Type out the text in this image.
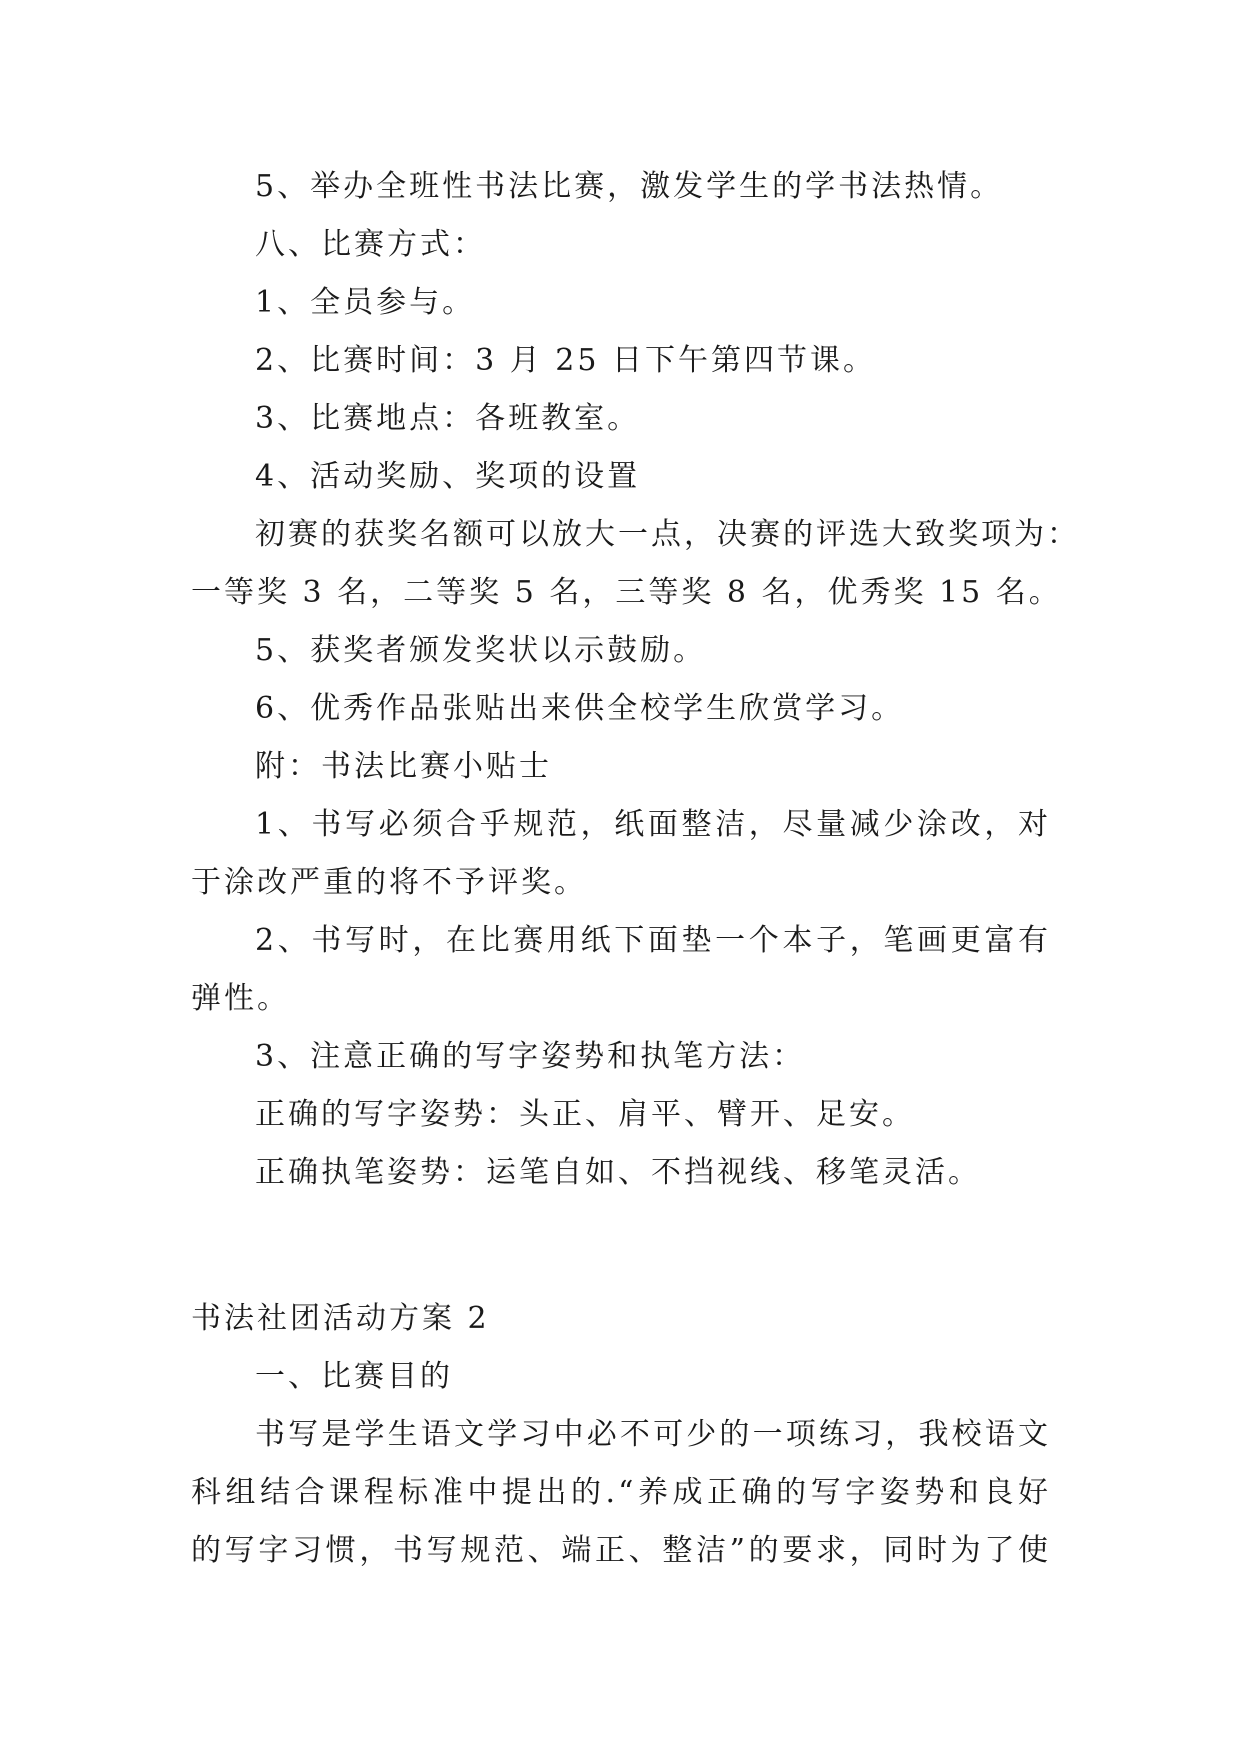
5、举办全班性书法比赛，激发学生的学书法热情。
八、比赛方式：
1、全员参与。
2、比赛时间：3 月 25 日下午第四节课。
3、比赛地点：各班教室。
4、活动奖励、奖项的设置
初赛的获奖名额可以放大一点，决赛的评选大致奖项为：
一等奖 3 名，二等奖 5 名，三等奖 8 名，优秀奖 15 名。
5、获奖者颁发奖状以示鼓励。
6、优秀作品张贴出来供全校学生欣赏学习。
附：书法比赛小贴士
1、书写必须合乎规范，纸面整洁，尽量减少涂改，对
于涂改严重的将不予评奖。
2、书写时，在比赛用纸下面垫一个本子，笔画更富有
弹性。
3、注意正确的写字姿势和执笔方法：
正确的写字姿势：头正、肩平、臂开、足安。
正确执笔姿势：运笔自如、不挡视线、移笔灵活。
书法社团活动方案 2
一、比赛目的
书写是学生语文学习中必不可少的一项练习，我校语文
科组结合课程标准中提出的.“养成正确的写字姿势和良好
的写字习惯，书写规范、端正、整洁”的要求，同时为了使
